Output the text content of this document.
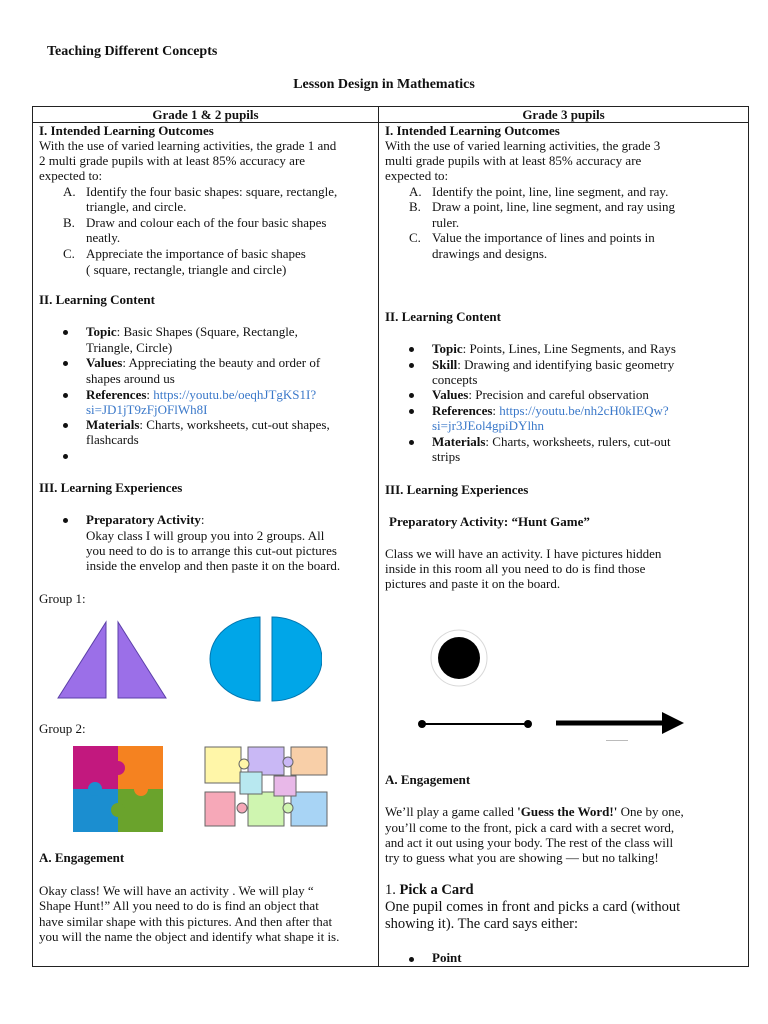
Teaching Different Concepts
Lesson Design in Mathematics
Grade 1 & 2 pupils	Grade 3 pupils
I. Intended Learning Outcomes
With the use of varied learning activities, the grade 1 and
2 multi grade pupils with at least 85% accuracy are
expected to:
A. Identify the four basic shapes: square, rectangle,
triangle, and circle.
B. Draw and colour each of the four basic shapes
neatly.
C. Appreciate the importance of basic shapes
( square, rectangle, triangle and circle)
II. Learning Content
Topic: Basic Shapes (Square, Rectangle,
Triangle, Circle)
Values: Appreciating the beauty and order of
shapes around us
References: https://youtu.be/oeqhJTgKS1I?
si=JD1jT9zFjOFlWh8I
Materials: Charts, worksheets, cut-out shapes,
flashcards
III. Learning Experiences
Preparatory Activity:
Okay class I will group you into 2 groups. All
you need to do is to arrange this cut-out pictures
inside the envelop and then paste it on the board.
Group 1:
Group 2:
A. Engagement
Okay class! We will have an activity . We will play “
Shape Hunt!” All you need to do is find an object that
have similar shape with this pictures. And then after that
you will the name the object and identify what shape it is.
I. Intended Learning Outcomes
With the use of varied learning activities, the grade 3
multi grade pupils with at least 85% accuracy are
expected to:
A. Identify the point, line, line segment, and ray.
B. Draw a point, line, line segment, and ray using
ruler.
C. Value the importance of lines and points in
drawings and designs.
II. Learning Content
Topic: Points, Lines, Line Segments, and Rays
Skill: Drawing and identifying basic geometry
concepts
Values: Precision and careful observation
References: https://youtu.be/nh2cH0kIEQw?
si=jr3JEol4gpiDYlhn
Materials: Charts, worksheets, rulers, cut-out
strips
III. Learning Experiences
Preparatory Activity: “Hunt Game”
Class we will have an activity. I have pictures hidden
inside in this room all you need to do is find those
pictures and paste it on the board.
A. Engagement
We’ll play a game called 'Guess the Word!' One by one,
you’ll come to the front, pick a card with a secret word,
and act it out using your body. The rest of the class will
try to guess what you are showing — but no talking!
1. Pick a Card
One pupil comes in front and picks a card (without
showing it). The card says either:
Point
